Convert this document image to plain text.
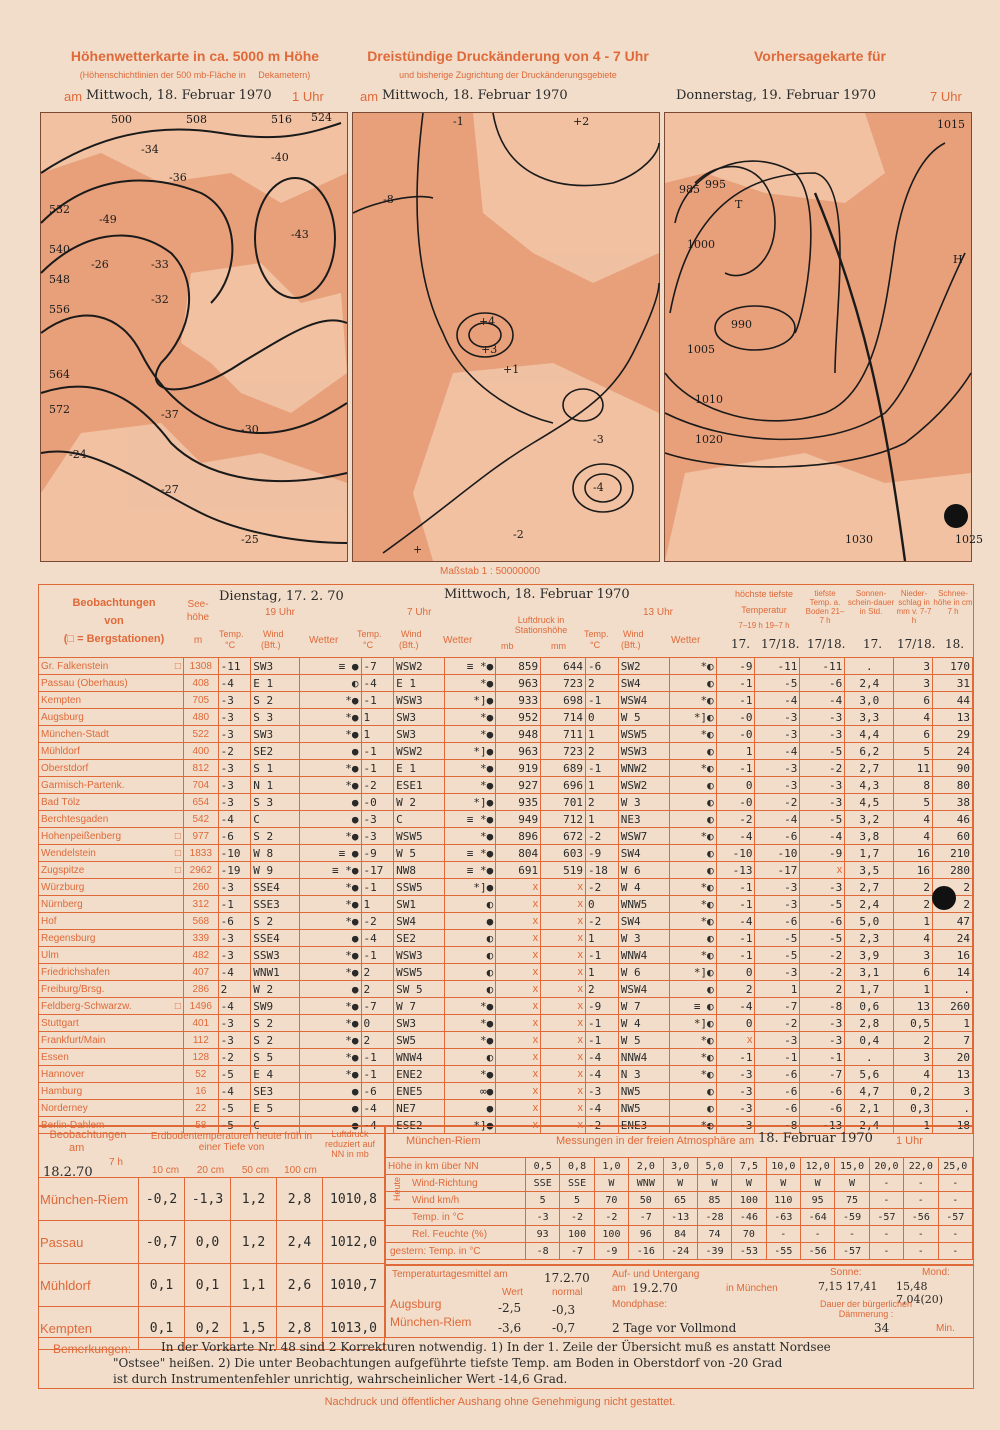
Höhenwetterkarte in ca. 5000 m Höhe
(Höhenschichtlinien der 500 mb-Fläche in     Dekametern)
am Mittwoch, 18. Februar 1970 1 Uhr
Dreistündige Druckänderung von 4 - 7 Uhr
und bisherige Zugrichtung der Druckänderungsgebiete
am Mittwoch, 18. Februar 1970
Vorhersagekarte für
Donnerstag, 19. Februar 1970	7 Uhr
500	508	516 524
532
540
548
556
564
572
-34
-36
-40
-43
-49
-26	-33
-32
-37
-30
-24
-27
-25
-1	+2
+3
-3
-8
+4
+1
-4
-2
+
985 995
1000
1005
1010
1015
1020
1025
1030
990
T
H
Maßstab 1 : 50000000
Beobachtungen
von
(□ = Bergstationen)
See-
höhe
m
Dienstag, 17. 2. 70
19 Uhr
Mittwoch, 18. Februar 1970
7 Uhr	13 Uhr
Luftdruck in Stationshöhe
mb	mm
Temp.
°C
Wind
(Bft.)	Wetter
Temp.
°C
Wind
(Bft.) Wetter
Temp.
°C
Wind
(Bft.)	Wetter
höchste tiefste
Temperatur
7–19 h 19–7 h
tiefste Temp. a. Boden 21–7 h
Sonnen-schein-dauer in Std.
Nieder-schlag in mm v. 7-7 h
Schnee-höhe in cm 7 h
17. 17/18. 17/18. 17. 17/18. 18.
Gr. Falkenstein □	1308	-11	SW3	≡ ●	-7	WSW2	≡ *●	859	644	-6	SW2	*◐	-9	-11	-11	.	3	170
Passau (Oberhaus)	408	-4	E 1	◐	-4	E 1	*●	963	723	2	SW4	◐	-1	-5	-6	2,4	3	31
Kempten	705	-3	S 2	*●	-1	WSW3	*]●	933	698	-1	WSW4	*◐	-1	-4	-4	3,0	6	44
Augsburg	480	-3	S 3	*●	1	SW3	*●	952	714	0	W 5	*]◐	-0	-3	-3	3,3	4	13
München-Stadt	522	-3	SW3	*●	1	SW3	*●	948	711	1	WSW5	*◐	-0	-3	-3	4,4	6	29
Mühldorf	400	-2	SE2	●	-1	WSW2	*]●	963	723	2	WSW3	◐	1	-4	-5	6,2	5	24
Oberstdorf	812	-3	S 1	*●	-1	E 1	*●	919	689	-1	WNW2	*◐	-1	-3	-2	2,7	11	90
Garmisch-Partenk.	704	-3	N 1	*●	-2	ESE1	*●	927	696	1	WSW2	◐	0	-3	-3	4,3	8	80
Bad Tölz	654	-3	S 3	●	-0	W 2	*]●	935	701	2	W 3	◐	-0	-2	-3	4,5	5	38
Berchtesgaden	542	-4	C	●	-3	C	≡ *●	949	712	1	NE3	◐	-2	-4	-5	3,2	4	46
Hohenpeißenberg □	977	-6	S 2	*●	-3	WSW5	*●	896	672	-2	WSW7	*◐	-4	-6	-4	3,8	4	60
Wendelstein □	1833	-10	W 8	≡ ●	-9	W 5	≡ *●	804	603	-9	SW4	◐	-10	-10	-9	1,7	16	210
Zugspitze □	2962	-19	W 9	≡ *●	-17	NW8	≡ *●	691	519	-18	W 6	◐	-13	-17	x	3,5	16	280
Würzburg	260	-3	SSE4	*●	-1	SSW5	*]●	x	x	-2	W 4	*◐	-1	-3	-3	2,7	2	2
Nürnberg	312	-1	SSE3	*●	1	SW1	◐	x	x	0	WNW5	*◐	-1	-3	-5	2,4	2	2
Hof	568	-6	S 2	*●	-2	SW4	●	x	x	-2	SW4	*◐	-4	-6	-6	5,0	1	47
Regensburg	339	-3	SSE4	●	-4	SE2	◐	x	x	1	W 3	◐	-1	-5	-5	2,3	4	24
Ulm	482	-3	SSW3	*●	-1	WSW3	◐	x	x	-1	WNW4	*◐	-1	-5	-2	3,9	3	16
Friedrichshafen	407	-4	WNW1	*●	2	WSW5	◐	x	x	1	W 6	*]◐	0	-3	-2	3,1	6	14
Freiburg/Brsg.	286	2	W 2	●	2	SW 5	◐	x	x	2	WSW4	◐	2	1	2	1,7	1	.
Feldberg-Schwarzw. □	1496	-4	SW9	*●	-7	W 7	*●	x	x	-9	W 7	≡ ◐	-4	-7	-8	0,6	13	260
Stuttgart	401	-3	S 2	*●	0	SW3	*●	x	x	-1	W 4	*]◐	0	-2	-3	2,8	0,5	1
Frankfurt/Main	112	-3	S 2	*●	2	SW5	*●	x	x	-1	W 5	*◐	x	-3	-3	0,4	2	7
Essen	128	-2	S 5	*●	-1	WNW4	◐	x	x	-4	NNW4	*◐	-1	-1	-1	.	3	20
Hannover	52	-5	E 4	*●	-1	ENE2	*●	x	x	-4	N 3	*◐	-3	-6	-7	5,6	4	13
Hamburg	16	-4	SE3	●	-6	ENE5	∞●	x	x	-3	NW5	◐	-3	-6	-6	4,7	0,2	3
Norderney	22	-5	E 5	●	-4	NE7	●	x	x	-4	NW5	◐	-3	-6	-6	2,1	0,3	.
Berlin-Dahlem	58	-5	C	●	-4	ESE2	*]●	x	x	-2	ENE3	*◐	-3	-8	-13	2,4	1	18
Beobachtungen
am
18.2.70
7 h
Erdbodentemperaturen heute früh in einer Tiefe von
Luftdruck reduziert auf NN in mb
10 cm	20 cm	50 cm	100 cm
München-Riem	-0,2	-1,3	1,2	2,8	1010,8
Passau	-0,7	0,0	1,2	2,4	1012,0
Mühldorf	0,1	0,1	1,1	2,6	1010,7
Kempten	0,1	0,2	1,5	2,8	1013,0
München-Riem	Messungen in der freien Atmosphäre am 18. Februar 1970 1 Uhr
Höhe in km über NN	0,5	0,8	1,0	2,0	3,0	5,0	7,5	10,0	12,0	15,0	20,0	22,0	25,0
Wind-Richtung	SSE	SSE	W	WNW	W	W	W	W	W	W	-	-	-
Wind km/h	5	5	70	50	65	85	100	110	95	75	-	-	-
Temp. in °C	-3	-2	-2	-7	-13	-28	-46	-63	-64	-59	-57	-56	-57
Rel. Feuchte (%)	93	100	100	96	84	74	70	-	-	-	-	-	-
gestern: Temp. in °C	-8	-7	-9	-16	-24	-39	-53	-55	-56	-57	-	-	-
Heute
Temperaturtagesmittel am	17.2.70
Wert	normal
Augsburg	-2,5	-0,3
München-Riem -3,6	-0,7
Auf- und Untergang
am 19.2.70	in München
Sonne:
7,15 17,41
Mond:
15,48 7,04(20)
Mondphase:
2 Tage vor Vollmond
Dauer der bürgerlichen Dämmerung :
34	Min.
Bemerkungen: In der Vorkarte Nr. 48 sind 2 Korrekturen notwendig. 1) In der 1. Zeile der Übersicht muß es anstatt Nordsee
"Ostsee" heißen. 2) Die unter Beobachtungen aufgeführte tiefste Temp. am Boden in Oberstdorf von -20 Grad
ist durch Instrumentenfehler unrichtig, wahrscheinlicher Wert -14,6 Grad.
Nachdruck und öffentlicher Aushang ohne Genehmigung nicht gestattet.
